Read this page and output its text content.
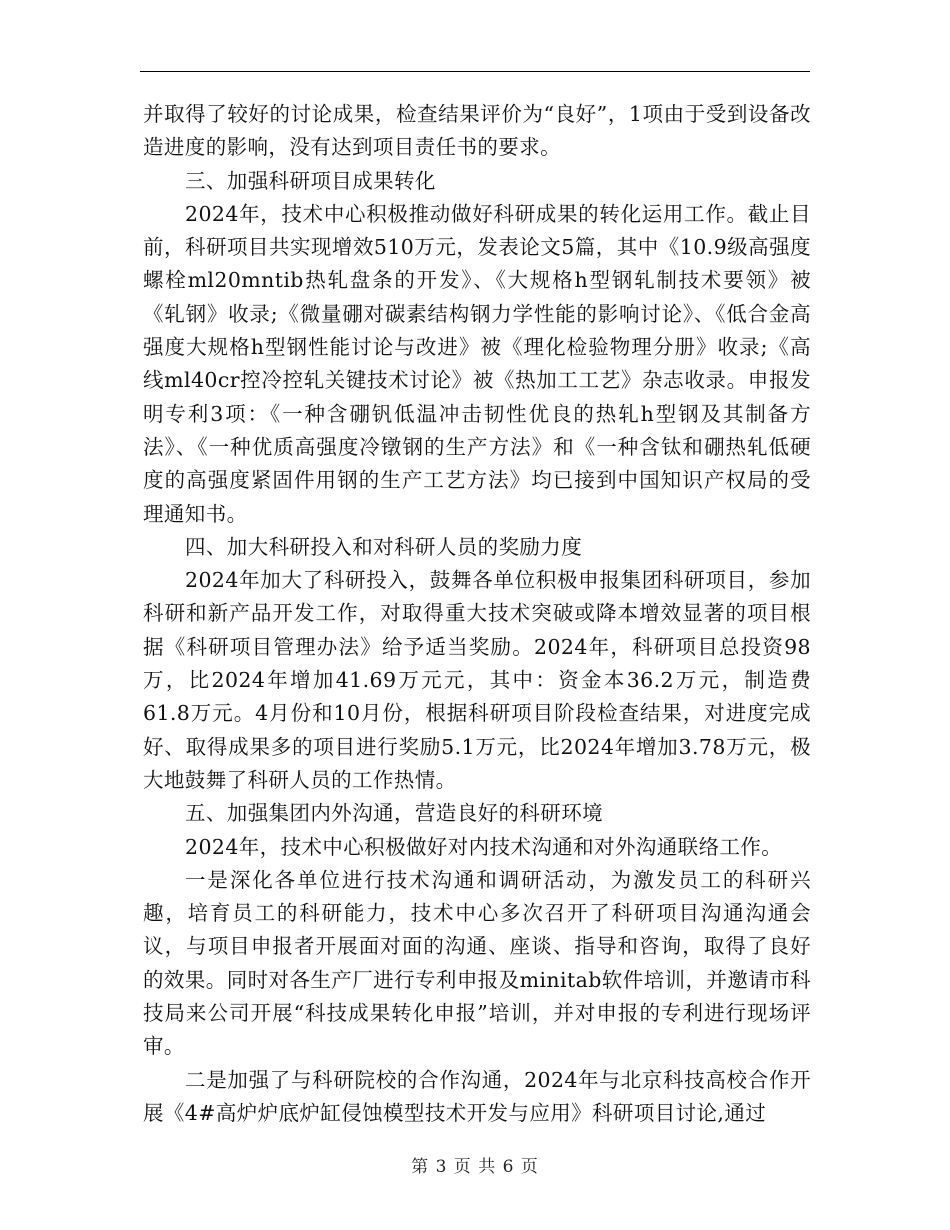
并取得了较好的讨论成果，检查结果评价为“良好”，1项由于受到设备改造进度的影响，没有达到项目责任书的要求。

三、加强科研项目成果转化

2024年，技术中心积极推动做好科研成果的转化运用工作。截止目前，科研项目共实现增效510万元，发表论文5篇，其中《10.9级高强度螺栓ml20mntib热轧盘条的开发》、《大规格h型钢轧制技术要领》被《轧钢》收录;《微量硼对碳素结构钢力学性能的影响讨论》、《低合金高强度大规格h型钢性能讨论与改进》被《理化检验物理分册》收录;《高线ml40cr控冷控轧关键技术讨论》被《热加工工艺》杂志收录。申报发明专利3项：《一种含硼钒低温冲击韧性优良的热轧h型钢及其制备方法》、《一种优质高强度冷镦钢的生产方法》和《一种含钛和硼热轧低硬度的高强度紧固件用钢的生产工艺方法》均已接到中国知识产权局的受理通知书。

四、加大科研投入和对科研人员的奖励力度

2024年加大了科研投入，鼓舞各单位积极申报集团科研项目，参加科研和新产品开发工作，对取得重大技术突破或降本增效显著的项目根据《科研项目管理办法》给予适当奖励。2024年，科研项目总投资98万，比2024年增加41.69万元元，其中：资金本36.2万元，制造费61.8万元。4月份和10月份，根据科研项目阶段检查结果，对进度完成好、取得成果多的项目进行奖励5.1万元，比2024年增加3.78万元，极大地鼓舞了科研人员的工作热情。

五、加强集团内外沟通，营造良好的科研环境

2024年，技术中心积极做好对内技术沟通和对外沟通联络工作。

一是深化各单位进行技术沟通和调研活动，为激发员工的科研兴趣，培育员工的科研能力，技术中心多次召开了科研项目沟通沟通会议，与项目申报者开展面对面的沟通、座谈、指导和咨询，取得了良好的效果。同时对各生产厂进行专利申报及minitab软件培训，并邀请市科技局来公司开展“科技成果转化申报”培训，并对申报的专利进行现场评审。

二是加强了与科研院校的合作沟通，2024年与北京科技高校合作开展《4#高炉炉底炉缸侵蚀模型技术开发与应用》科研项目讨论,通过

第 3 页 共 6 页
